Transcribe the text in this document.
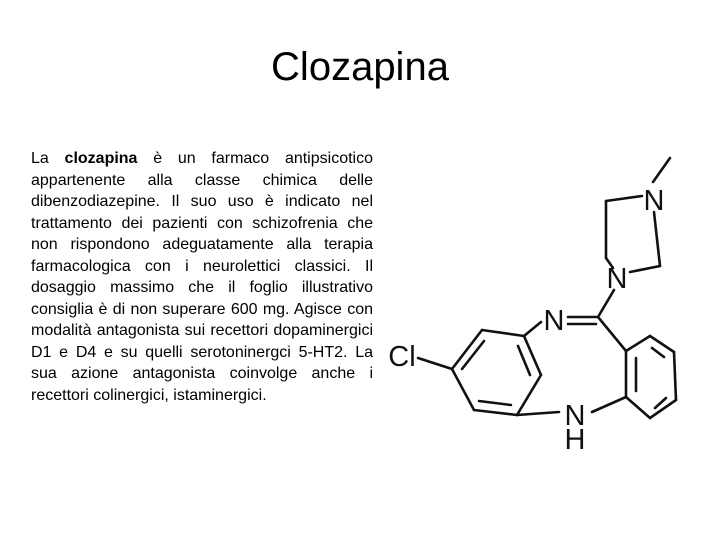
Clozapina

La clozapina è un farmaco antipsicotico appartenente alla classe chimica delle dibenzodiazepine. Il suo uso è indicato nel trattamento dei pazienti con schizofrenia che non rispondono adeguatamente alla terapia farmacologica con i neurolettici classici. Il dosaggio massimo che il foglio illustrativo consiglia è di non superare 600 mg. Agisce con modalità antagonista sui recettori dopaminergici D1 e D4 e su quelli serotoninergci 5-HT2. La sua azione antagonista coinvolge anche i recettori colinergici, istaminergici.

N
N
N
N
H
Cl
